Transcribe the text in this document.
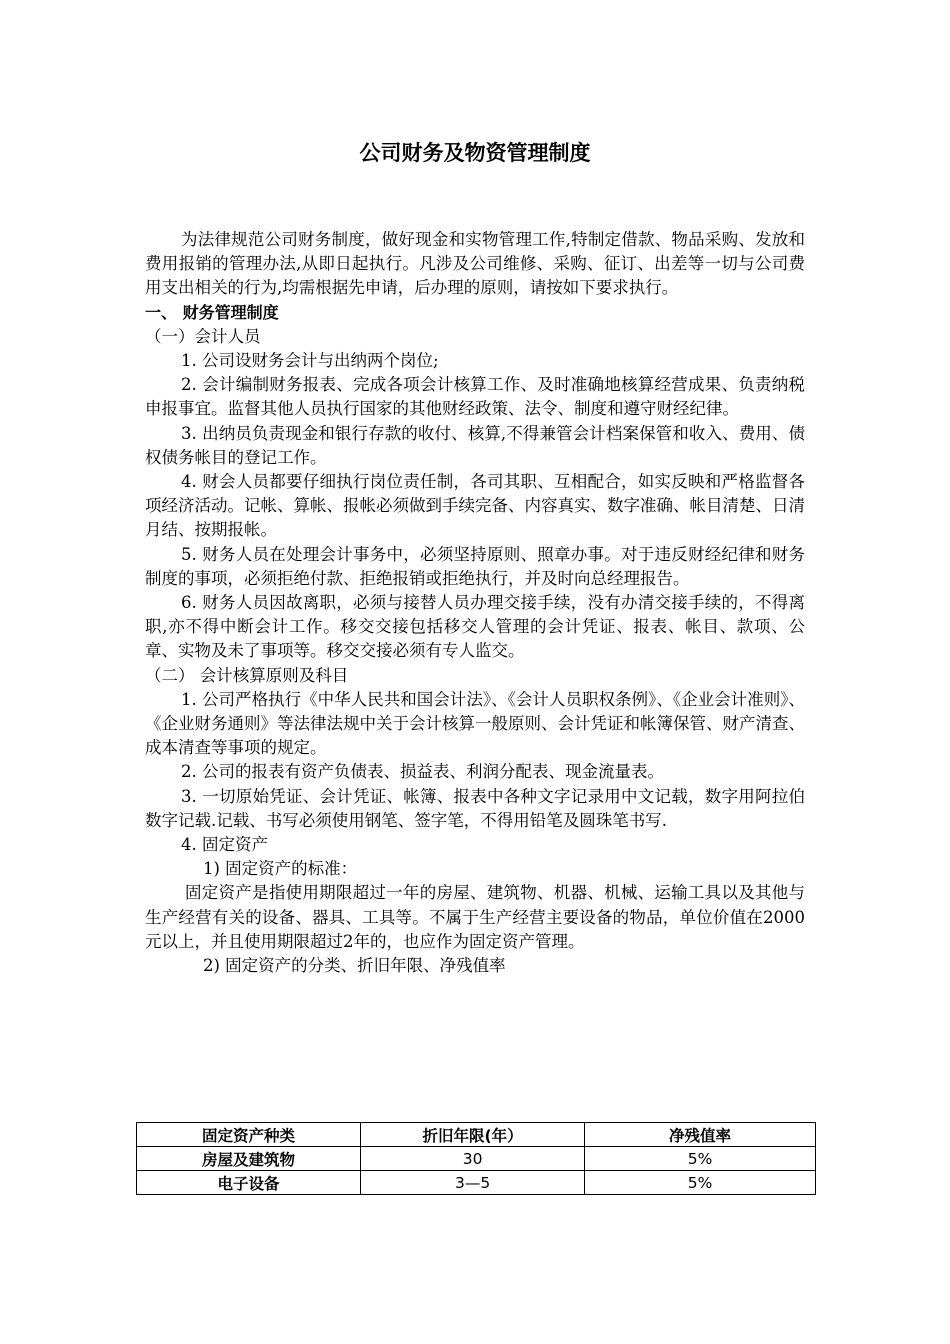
公司财务及物资管理制度

为法律规范公司财务制度，做好现金和实物管理工作,特制定借款、物品采购、发放和费用报销的管理办法,从即日起执行。凡涉及公司维修、采购、征订、出差等一切与公司费用支出相关的行为,均需根据先申请，后办理的原则，请按如下要求执行。

一、 财务管理制度

（一）会计人员

1. 公司设财务会计与出纳两个岗位;

2. 会计编制财务报表、完成各项会计核算工作、及时准确地核算经营成果、负责纳税申报事宜。监督其他人员执行国家的其他财经政策、法令、制度和遵守财经纪律。

3. 出纳员负责现金和银行存款的收付、核算,不得兼管会计档案保管和收入、费用、债权债务帐目的登记工作。

4. 财会人员都要仔细执行岗位责任制，各司其职、互相配合，如实反映和严格监督各项经济活动。记帐、算帐、报帐必须做到手续完备、内容真实、数字准确、帐目清楚、日清月结、按期报帐。

5. 财务人员在处理会计事务中，必须坚持原则、照章办事。对于违反财经纪律和财务制度的事项，必须拒绝付款、拒绝报销或拒绝执行，并及时向总经理报告。

6. 财务人员因故离职，必须与接替人员办理交接手续，没有办清交接手续的，不得离职,亦不得中断会计工作。移交交接包括移交人管理的会计凭证、报表、帐目、款项、公章、实物及未了事项等。移交交接必须有专人监交。

（二） 会计核算原则及科目

1. 公司严格执行《中华人民共和国会计法》、《会计人员职权条例》、《企业会计准则》、《企业财务通则》等法律法规中关于会计核算一般原则、会计凭证和帐簿保管、财产清查、成本清查等事项的规定。

2. 公司的报表有资产负债表、损益表、利润分配表、现金流量表。

3. 一切原始凭证、会计凭证、帐簿、报表中各种文字记录用中文记载，数字用阿拉伯数字记载.记载、书写必须使用钢笔、签字笔，不得用铅笔及圆珠笔书写.

4. 固定资产

1) 固定资产的标准：

固定资产是指使用期限超过一年的房屋、建筑物、机器、机械、运输工具以及其他与生产经营有关的设备、器具、工具等。不属于生产经营主要设备的物品，单位价值在2000元以上，并且使用期限超过2年的，也应作为固定资产管理。

2) 固定资产的分类、折旧年限、净残值率

固定资产种类	折旧年限(年）	净残值率
房屋及建筑物	30	5%
电子设备	3—5	5%
